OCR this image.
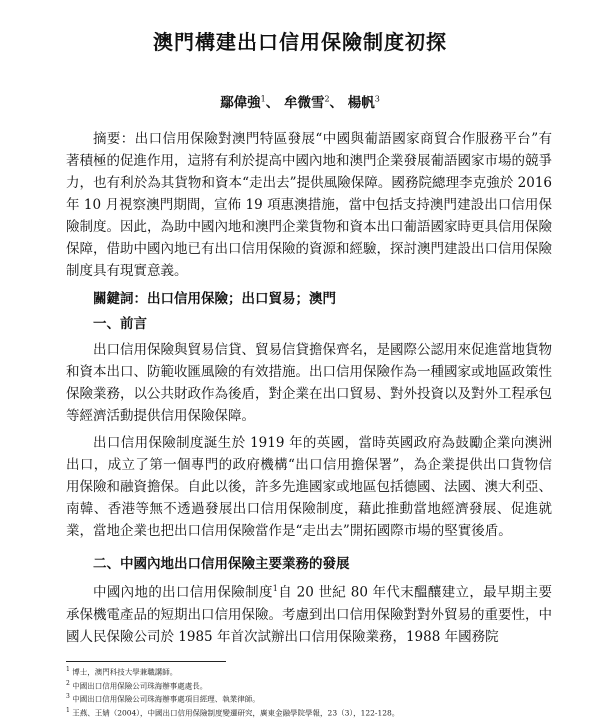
澳門構建出口信用保險制度初探
鄢偉強$^1$、 牟微雪$^2$、 楊帆$^3$
摘要：出口信用保險對澳門特區發展“中國與葡語國家商貿合作服務平台”有著積極的促進作用，這將有利於提高中國內地和澳門企業發展葡語國家市場的競爭力，也有利於為其貨物和資本“走出去”提供風險保障。國務院總理李克強於 2016 年 10 月視察澳門期間，宣佈 19 項惠澳措施，當中包括支持澳門建設出口信用保險制度。因此，為助中國內地和澳門企業貨物和資本出口葡語國家時更具信用保險保障，借助中國內地已有出口信用保險的資源和經驗，探討澳門建設出口信用保險制度具有現實意義。
關鍵詞：出口信用保險；出口貿易；澳門
一、前言
出口信用保險與貿易信貸、貿易信貸擔保齊名，是國際公認用來促進當地貨物和資本出口、防範收匯風險的有效措施。出口信用保險作為一種國家或地區政策性保險業務，以公共財政作為後盾，對企業在出口貿易、對外投資以及對外工程承包等經濟活動提供信用保險保障。
出口信用保險制度誕生於 1919 年的英國，當時英國政府為鼓勵企業向澳洲出口，成立了第一個專門的政府機構“出口信用擔保署”，為企業提供出口貨物信用保險和融資擔保。自此以後，許多先進國家或地區包括德國、法國、澳大利亞、南韓、香港等無不透過發展出口信用保險制度，藉此推動當地經濟發展、促進就業，當地企業也把出口信用保險當作是“走出去”開拓國際市場的堅實後盾。
二、中國內地出口信用保險主要業務的發展
中國內地的出口信用保險制度$^1$自 20 世紀 80 年代末醞釀建立，最早期主要承保機電產品的短期出口信用保險。考慮到出口信用保險對對外貿易的重要性，中國人民保險公司於 1985 年首次試辦出口信用保險業務，1988 年國務院
$^1$ 博士，澳門科技大學兼職講師。
$^2$ 中國出口信用保險公司珠海辦事處處長。
$^3$ 中國出口信用保險公司珠海辦事處項目經理、執業律師。
$^1$ 王燕、王婧（2004），中國出口信用保險制度變遷研究，廣東金融學院學報，23（3），122-128。
